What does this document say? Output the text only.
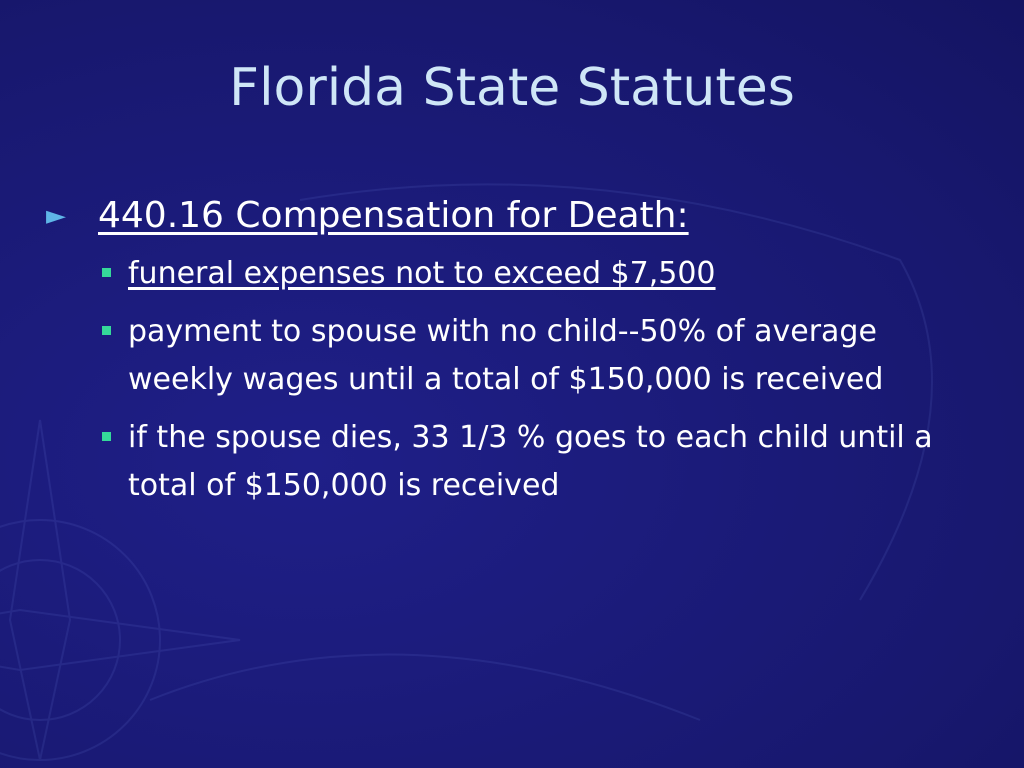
Florida State Statutes
► 440.16 Compensation for Death:
funeral expenses not to exceed $7,500
payment to spouse with no child--50% of average weekly wages until a total of $150,000 is received
if the spouse dies, 33 1/3 % goes to each child until a total of $150,000 is received
